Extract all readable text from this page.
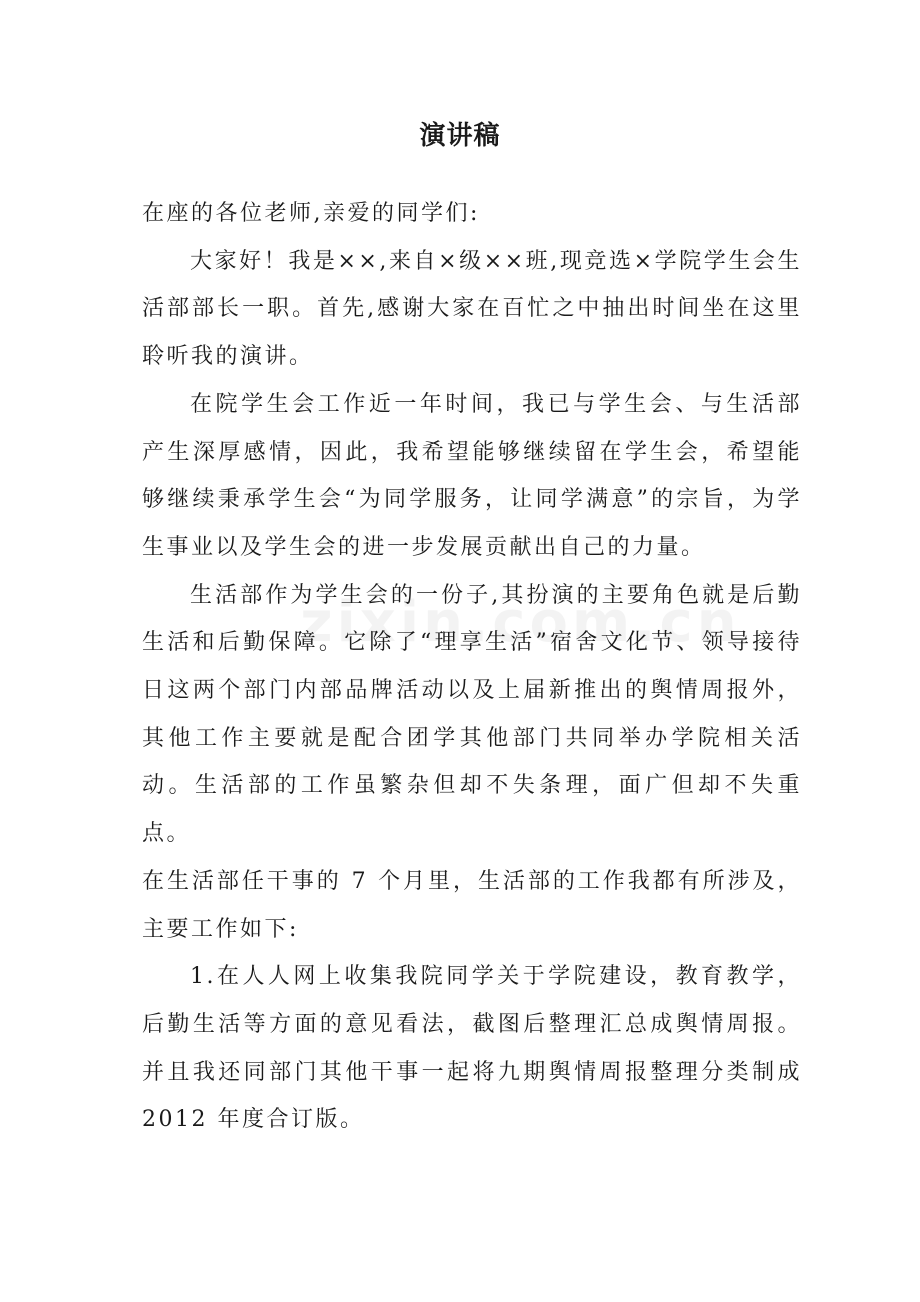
演讲稿

在座的各位老师,亲爱的同学们:

大家好！我是××,来自×级××班,现竞选×学院学生会生活部部长一职。首先,感谢大家在百忙之中抽出时间坐在这里聆听我的演讲。

在院学生会工作近一年时间，我已与学生会、与生活部产生深厚感情，因此，我希望能够继续留在学生会，希望能够继续秉承学生会“为同学服务，让同学满意”的宗旨，为学生事业以及学生会的进一步发展贡献出自己的力量。

生活部作为学生会的一份子,其扮演的主要角色就是后勤生活和后勤保障。它除了“理享生活”宿舍文化节、领导接待日这两个部门内部品牌活动以及上届新推出的舆情周报外，其他工作主要就是配合团学其他部门共同举办学院相关活动。生活部的工作虽繁杂但却不失条理，面广但却不失重点。

在生活部任干事的 7 个月里，生活部的工作我都有所涉及，主要工作如下:

1.在人人网上收集我院同学关于学院建设，教育教学，后勤生活等方面的意见看法，截图后整理汇总成舆情周报。并且我还同部门其他干事一起将九期舆情周报整理分类制成 2012 年度合订版。
